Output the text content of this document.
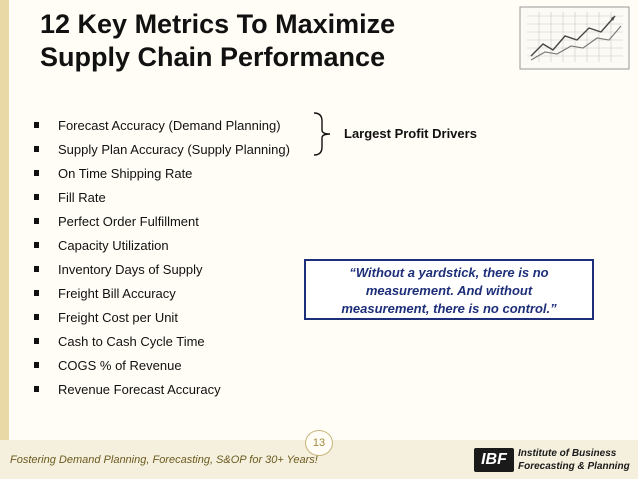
12 Key Metrics To Maximize
Supply Chain Performance
Forecast Accuracy (Demand Planning)
Supply Plan Accuracy (Supply Planning)
On Time Shipping Rate
Fill Rate
Perfect Order Fulfillment
Capacity Utilization
Inventory Days of Supply
Freight Bill Accuracy
Freight Cost per Unit
Cash to Cash Cycle Time
COGS % of Revenue
Revenue Forecast Accuracy
Largest Profit Drivers
“Without a yardstick, there is no
measurement. And without
measurement, there is no control.”
Fostering Demand Planning, Forecasting, S&OP for 30+ Years!
13
IBF	Institute of Business
Forecasting & Planning
